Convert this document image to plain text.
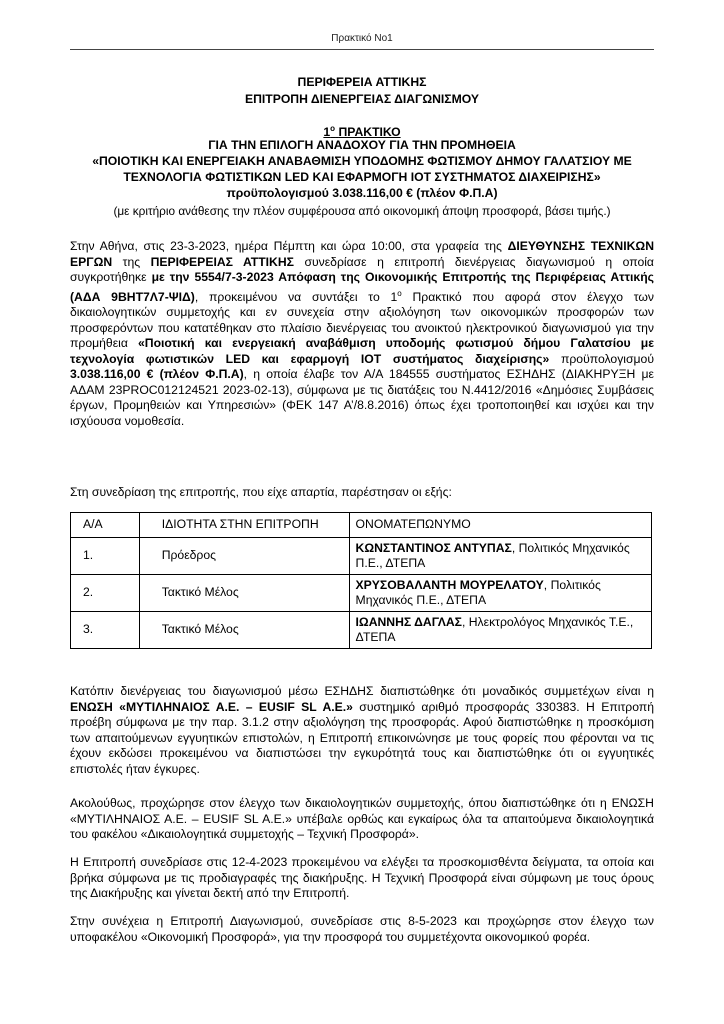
Πρακτικό Νο1
ΠΕΡΙΦΕΡΕΙΑ ΑΤΤΙΚΗΣ
ΕΠΙΤΡΟΠΗ ΔΙΕΝΕΡΓΕΙΑΣ ΔΙΑΓΩΝΙΣΜΟΥ
$1^o$ ΠΡΑΚΤΙΚΟ
ΓΙΑ ΤΗΝ ΕΠΙΛΟΓΗ ΑΝΑΔΟΧΟΥ ΓΙΑ ΤΗΝ ΠΡΟΜΗΘΕΙΑ
«ΠΟΙΟΤΙΚΗ ΚΑΙ ΕΝΕΡΓΕΙΑΚΗ ΑΝΑΒΑΘΜΙΣΗ ΥΠΟΔΟΜΗΣ ΦΩΤΙΣΜΟΥ ΔΗΜΟΥ ΓΑΛΑΤΣΙΟΥ ΜΕ
ΤΕΧΝΟΛΟΓΙΑ ΦΩΤΙΣΤΙΚΩΝ LED ΚΑΙ ΕΦΑΡΜΟΓΗ ΙΟΤ ΣΥΣΤΗΜΑΤΟΣ ΔΙΑΧΕΙΡΙΣΗΣ»
προϋπολογισμού 3.038.116,00 € (πλέον Φ.Π.Α)
(με κριτήριο ανάθεσης την πλέον συμφέρουσα από οικονομική άποψη προσφορά, βάσει τιμής.)
Στην Αθήνα, στις 23-3-2023, ημέρα Πέμπτη και ώρα 10:00, στα γραφεία της ΔΙΕΥΘΥΝΣΗΣ ΤΕΧΝΙΚΩΝ ΕΡΓΩΝ της ΠΕΡΙΦΕΡΕΙΑΣ ΑΤΤΙΚΗΣ συνεδρίασε η επιτροπή διενέργειας διαγωνισμού η οποία συγκροτήθηκε με την 5554/7-3-2023 Απόφαση της Οικονομικής Επιτροπής της Περιφέρειας Αττικής (ΑΔΑ 9ΒΗΤ7Λ7-ΨΙΔ), προκειμένου να συντάξει το $1^o$ Πρακτικό που αφορά στον έλεγχο των δικαιολογητικών συμμετοχής και εν συνεχεία στην αξιολόγηση των οικονομικών προσφορών των προσφερόντων που κατατέθηκαν στο πλαίσιο διενέργειας του ανοικτού ηλεκτρονικού διαγωνισμού για την προμήθεια «Ποιοτική και ενεργειακή αναβάθμιση υποδομής φωτισμού δήμου Γαλατσίου με τεχνολογία φωτιστικών LED και εφαρμογή IOT συστήματος διαχείρισης» προϋπολογισμού 3.038.116,00 € (πλέον Φ.Π.Α), η οποία έλαβε τον Α/Α 184555 συστήματος ΕΣΗΔΗΣ (ΔΙΑΚΗΡΥΞΗ με ΑΔΑΜ 23PROC012124521 2023-02-13), σύμφωνα με τις διατάξεις του Ν.4412/2016 «Δημόσιες Συμβάσεις έργων, Προμηθειών και Υπηρεσιών» (ΦΕΚ 147 Α’/8.8.2016) όπως έχει τροποποιηθεί και ισχύει και την ισχύουσα νομοθεσία.
Στη συνεδρίαση της επιτροπής, που είχε απαρτία, παρέστησαν οι εξής:
Α/Α	ΙΔΙΟΤΗΤΑ ΣΤΗΝ ΕΠΙΤΡΟΠΗ	ΟΝΟΜΑΤΕΠΩΝΥΜΟ
1.	Πρόεδρος	ΚΩΝΣΤΑΝΤΙΝΟΣ ΑΝΤΥΠΑΣ, Πολιτικός Μηχανικός Π.Ε., ΔΤΕΠΑ
2.	Τακτικό Μέλος	ΧΡΥΣΟΒΑΛΑΝΤΗ ΜΟΥΡΕΛΑΤΟΥ, Πολιτικός Μηχανικός Π.Ε., ΔΤΕΠΑ
3.	Τακτικό Μέλος	ΙΩΑΝΝΗΣ ΔΑΓΛΑΣ, Ηλεκτρολόγος Μηχανικός Τ.Ε., ΔΤΕΠΑ
Κατόπιν διενέργειας του διαγωνισμού μέσω ΕΣΗΔΗΣ διαπιστώθηκε ότι μοναδικός συμμετέχων είναι η ΕΝΩΣΗ «ΜΥΤΙΛΗΝΑΙΟΣ Α.Ε. – EUSIF SL A.E.» συστημικό αριθμό προσφοράς 330383. Η Επιτροπή προέβη σύμφωνα με την παρ. 3.1.2 στην αξιολόγηση της προσφοράς. Αφού διαπιστώθηκε η προσκόμιση των απαιτούμενων εγγυητικών επιστολών, η Επιτροπή επικοινώνησε με τους φορείς που φέρονται να τις έχουν εκδώσει προκειμένου να διαπιστώσει την εγκυρότητά τους και διαπιστώθηκε ότι οι εγγυητικές επιστολές ήταν έγκυρες.
Ακολούθως, προχώρησε στον έλεγχο των δικαιολογητικών συμμετοχής, όπου διαπιστώθηκε ότι η ΕΝΩΣΗ «ΜΥΤΙΛΗΝΑΙΟΣ Α.Ε. – EUSIF SL A.E.» υπέβαλε ορθώς και εγκαίρως όλα τα απαιτούμενα δικαιολογητικά του φακέλου «Δικαιολογητικά συμμετοχής – Τεχνική Προσφορά».
Η Επιτροπή συνεδρίασε στις 12-4-2023 προκειμένου να ελέγξει τα προσκομισθέντα δείγματα, τα οποία και βρήκα σύμφωνα με τις προδιαγραφές της διακήρυξης. Η Τεχνική Προσφορά είναι σύμφωνη με τους όρους της Διακήρυξης και γίνεται δεκτή από την Επιτροπή.
Στην συνέχεια η Επιτροπή Διαγωνισμού, συνεδρίασε στις 8-5-2023 και προχώρησε στον έλεγχο των υποφακέλου «Οικονομική Προσφορά», για την προσφορά του συμμετέχοντα οικονομικού φορέα.
